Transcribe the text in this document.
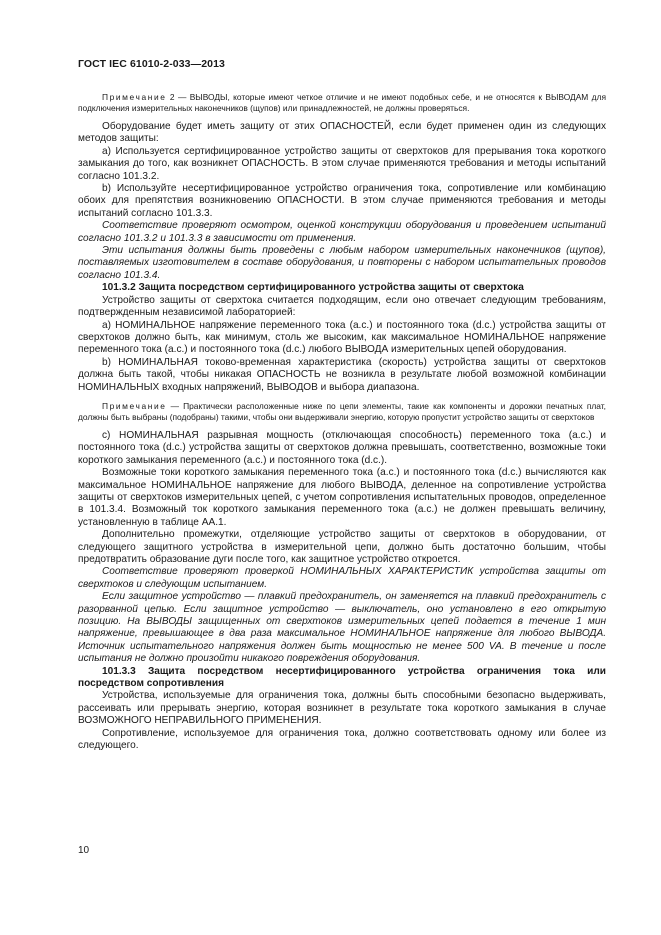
ГОСТ IEC 61010-2-033—2013

Примечание 2 — ВЫВОДЫ, которые имеют четкое отличие и не имеют подобных себе, и не относятся к ВЫВОДАМ для подключения измерительных наконечников (щупов) или принадлежностей, не должны проверяться.

Оборудование будет иметь защиту от этих ОПАСНОСТЕЙ, если будет применен один из следующих методов защиты:

а) Используется сертифицированное устройство защиты от сверхтоков для прерывания тока короткого замыкания до того, как возникнет ОПАСНОСТЬ. В этом случае применяются требования и методы испытаний согласно 101.3.2.

b) Используйте несертифицированное устройство ограничения тока, сопротивление или комбинацию обоих для препятствия возникновению ОПАСНОСТИ. В этом случае применяются требования и методы испытаний согласно 101.3.3.

Соответствие проверяют осмотром, оценкой конструкции оборудования и проведением испытаний согласно 101.3.2 и 101.3.3 в зависимости от применения.

Эти испытания должны быть проведены с любым набором измерительных наконечников (щупов), поставляемых изготовителем в составе оборудования, и повторены с набором испытательных проводов согласно 101.3.4.

101.3.2 Защита посредством сертифицированного устройства защиты от сверхтока

Устройство защиты от сверхтока считается подходящим, если оно отвечает следующим требованиям, подтвержденным независимой лабораторией:

а) НОМИНАЛЬНОЕ напряжение переменного тока (a.c.) и постоянного тока (d.c.) устройства защиты от сверхтоков должно быть, как минимум, столь же высоким, как максимальное НОМИНАЛЬНОЕ напряжение переменного тока (a.c.) и постоянного тока (d.c.) любого ВЫВОДА измерительных цепей оборудования.

b) НОМИНАЛЬНАЯ токово-временная характеристика (скорость) устройства защиты от сверхтоков должна быть такой, чтобы никакая ОПАСНОСТЬ не возникла в результате любой возможной комбинации НОМИНАЛЬНЫХ входных напряжений, ВЫВОДОВ и выбора диапазона.

Примечание — Практически расположенные ниже по цепи элементы, такие как компоненты и дорожки печатных плат, должны быть выбраны (подобраны) такими, чтобы они выдерживали энергию, которую пропустит устройство защиты от сверхтоков

с) НОМИНАЛЬНАЯ разрывная мощность (отключающая способность) переменного тока (a.c.) и постоянного тока (d.c.) устройства защиты от сверхтоков должна превышать, соответственно, возможные токи короткого замыкания переменного (a.c.) и постоянного тока (d.c.).

Возможные токи короткого замыкания переменного тока (a.c.) и постоянного тока (d.c.) вычисляются как максимальное НОМИНАЛЬНОЕ напряжение для любого ВЫВОДА, деленное на сопротивление устройства защиты от сверхтоков измерительных цепей, с учетом сопротивления испытательных проводов, определенное в 101.3.4. Возможный ток короткого замыкания переменного тока (a.c.) не должен превышать величину, установленную в таблице АА.1.

Дополнительно промежутки, отделяющие устройство защиты от сверхтоков в оборудовании, от следующего защитного устройства в измерительной цепи, должно быть достаточно большим, чтобы предотвратить образование дуги после того, как защитное устройство откроется.

Соответствие проверяют проверкой НОМИНАЛЬНЫХ ХАРАКТЕРИСТИК устройства защиты от сверхтоков и следующим испытанием.

Если защитное устройство — плавкий предохранитель, он заменяется на плавкий предохранитель с разорванной цепью. Если защитное устройство — выключатель, оно установлено в его открытую позицию. На ВЫВОДЫ защищенных от сверхтоков измерительных цепей подается в течение 1 мин напряжение, превышающее в два раза максимальное НОМИНАЛЬНОЕ напряжение для любого ВЫВОДА. Источник испытательного напряжения должен быть мощностью не менее 500 VA. В течение и после испытания не должно произойти никакого повреждения оборудования.

101.3.3 Защита посредством несертифицированного устройства ограничения тока или посредством сопротивления

Устройства, используемые для ограничения тока, должны быть способными безопасно выдерживать, рассеивать или прерывать энергию, которая возникнет в результате тока короткого замыкания в случае ВОЗМОЖНОГО НЕПРАВИЛЬНОГО ПРИМЕНЕНИЯ.

Сопротивление, используемое для ограничения тока, должно соответствовать одному или более из следующего.

10
